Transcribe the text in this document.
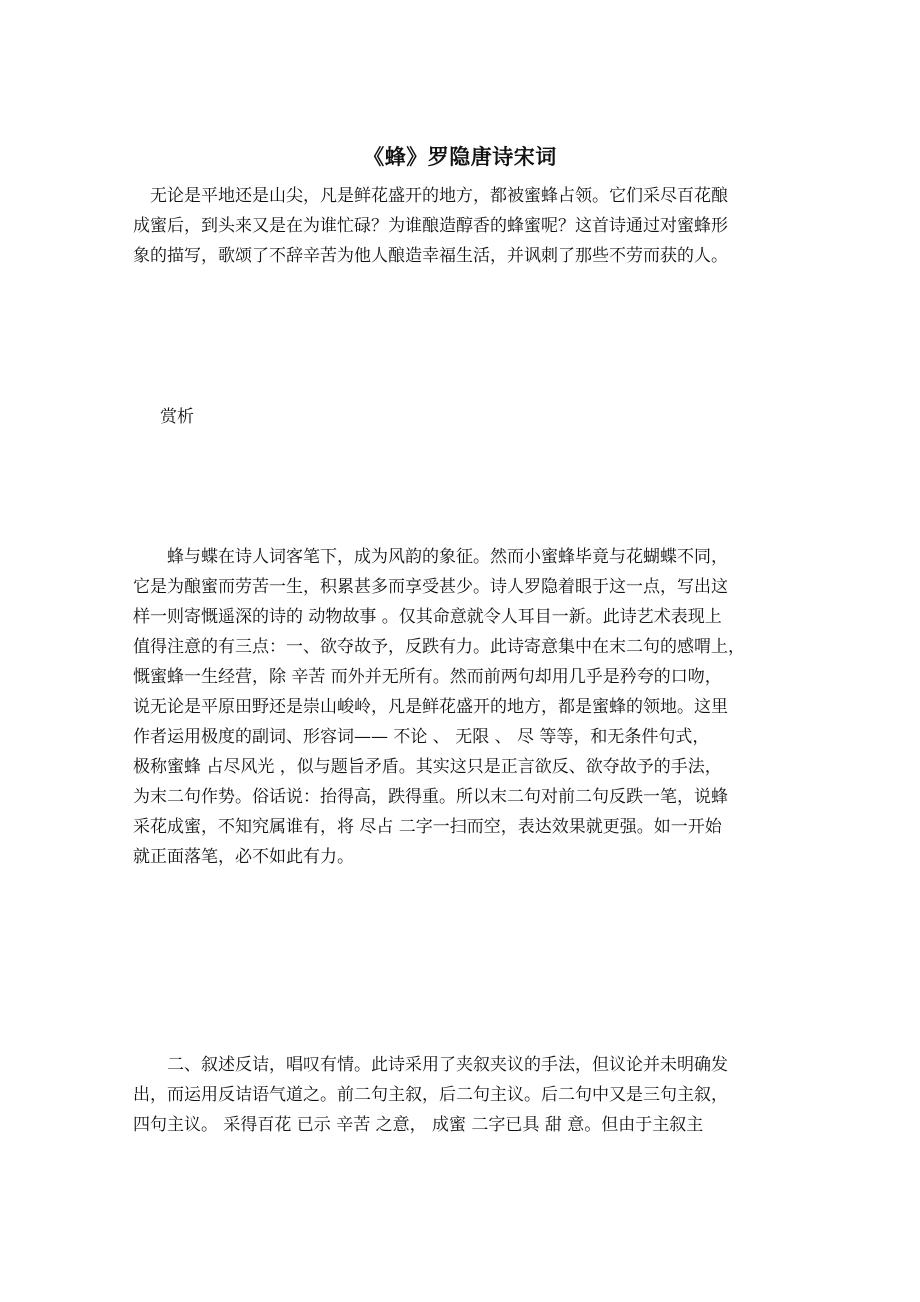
《蜂》罗隐唐诗宋词
　无论是平地还是山尖，凡是鲜花盛开的地方，都被蜜蜂占领。它们采尽百花酿
成蜜后，到头来又是在为谁忙碌？为谁酿造醇香的蜂蜜呢？这首诗通过对蜜蜂形
象的描写，歌颂了不辞辛苦为他人酿造幸福生活，并讽刺了那些不劳而获的人。
赏析
　　蜂与蝶在诗人词客笔下，成为风韵的象征。然而小蜜蜂毕竟与花蝴蝶不同，
它是为酿蜜而劳苦一生，积累甚多而享受甚少。诗人罗隐着眼于这一点，写出这
样一则寄慨遥深的诗的 动物故事 。仅其命意就令人耳目一新。此诗艺术表现上
值得注意的有三点：一、欲夺故予，反跌有力。此诗寄意集中在末二句的感喟上，
慨蜜蜂一生经营，除 辛苦 而外并无所有。然而前两句却用几乎是矜夸的口吻，
说无论是平原田野还是崇山峻岭，凡是鲜花盛开的地方，都是蜜蜂的领地。这里
作者运用极度的副词、形容词—— 不论 、 无限 、 尽 等等，和无条件句式，
极称蜜蜂 占尽风光 ，似与题旨矛盾。其实这只是正言欲反、欲夺故予的手法，
为末二句作势。俗话说：抬得高，跌得重。所以末二句对前二句反跌一笔，说蜂
采花成蜜，不知究属谁有，将 尽占 二字一扫而空，表达效果就更强。如一开始
就正面落笔，必不如此有力。
　　二、叙述反诘，唱叹有情。此诗采用了夹叙夹议的手法，但议论并未明确发
出，而运用反诘语气道之。前二句主叙，后二句主议。后二句中又是三句主叙，
四句主议。 采得百花 已示 辛苦 之意， 成蜜 二字已具 甜 意。但由于主叙主
